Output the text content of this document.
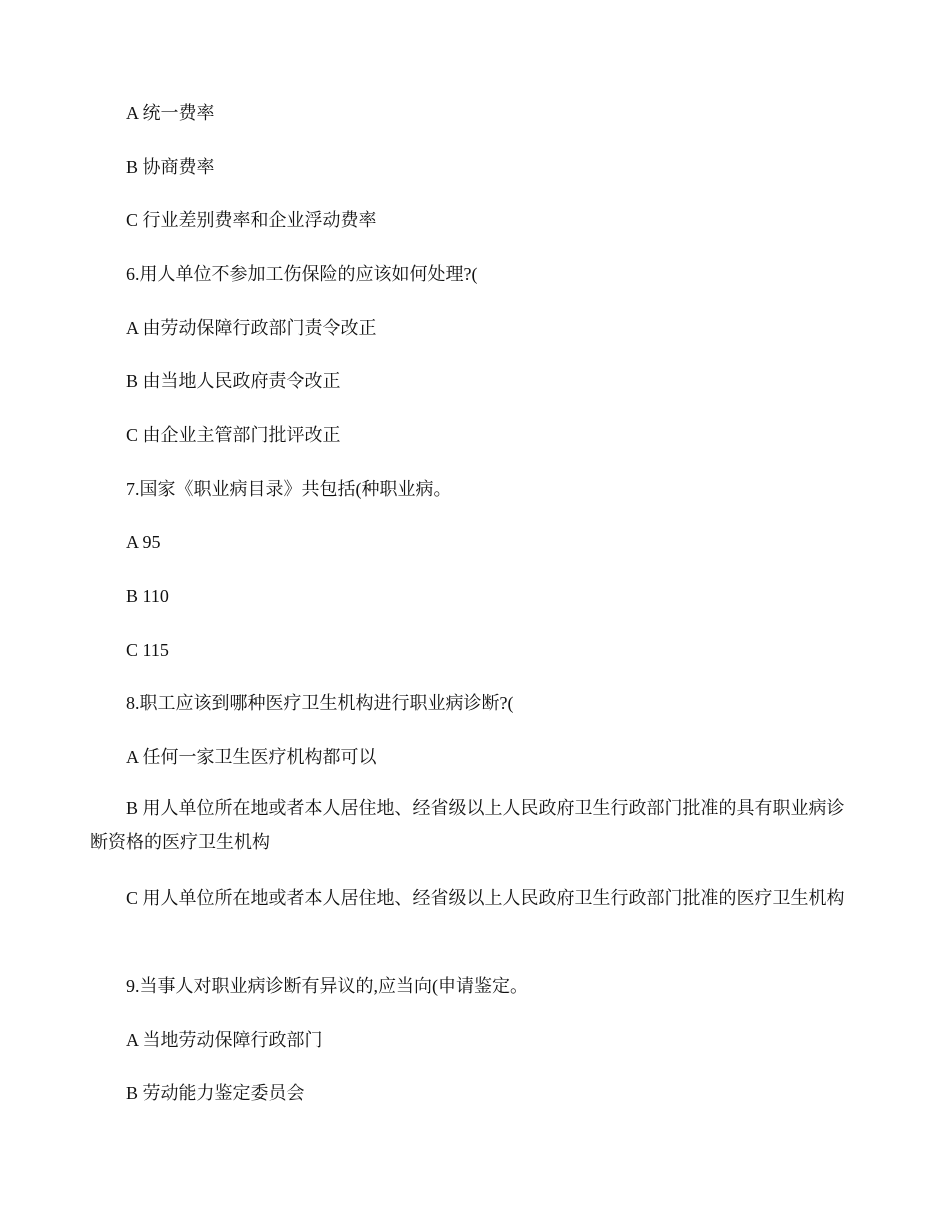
A 统一费率
B 协商费率
C 行业差别费率和企业浮动费率
6.用人单位不参加工伤保险的应该如何处理?(
A 由劳动保障行政部门责令改正
B 由当地人民政府责令改正
C 由企业主管部门批评改正
7.国家《职业病目录》共包括(种职业病。
A 95
B 110
C 115
8.职工应该到哪种医疗卫生机构进行职业病诊断?(
A 任何一家卫生医疗机构都可以
B 用人单位所在地或者本人居住地、经省级以上人民政府卫生行政部门批准的具有职业病诊断资格的医疗卫生机构
C 用人单位所在地或者本人居住地、经省级以上人民政府卫生行政部门批准的医疗卫生机构
9.当事人对职业病诊断有异议的,应当向(申请鉴定。
A 当地劳动保障行政部门
B 劳动能力鉴定委员会
